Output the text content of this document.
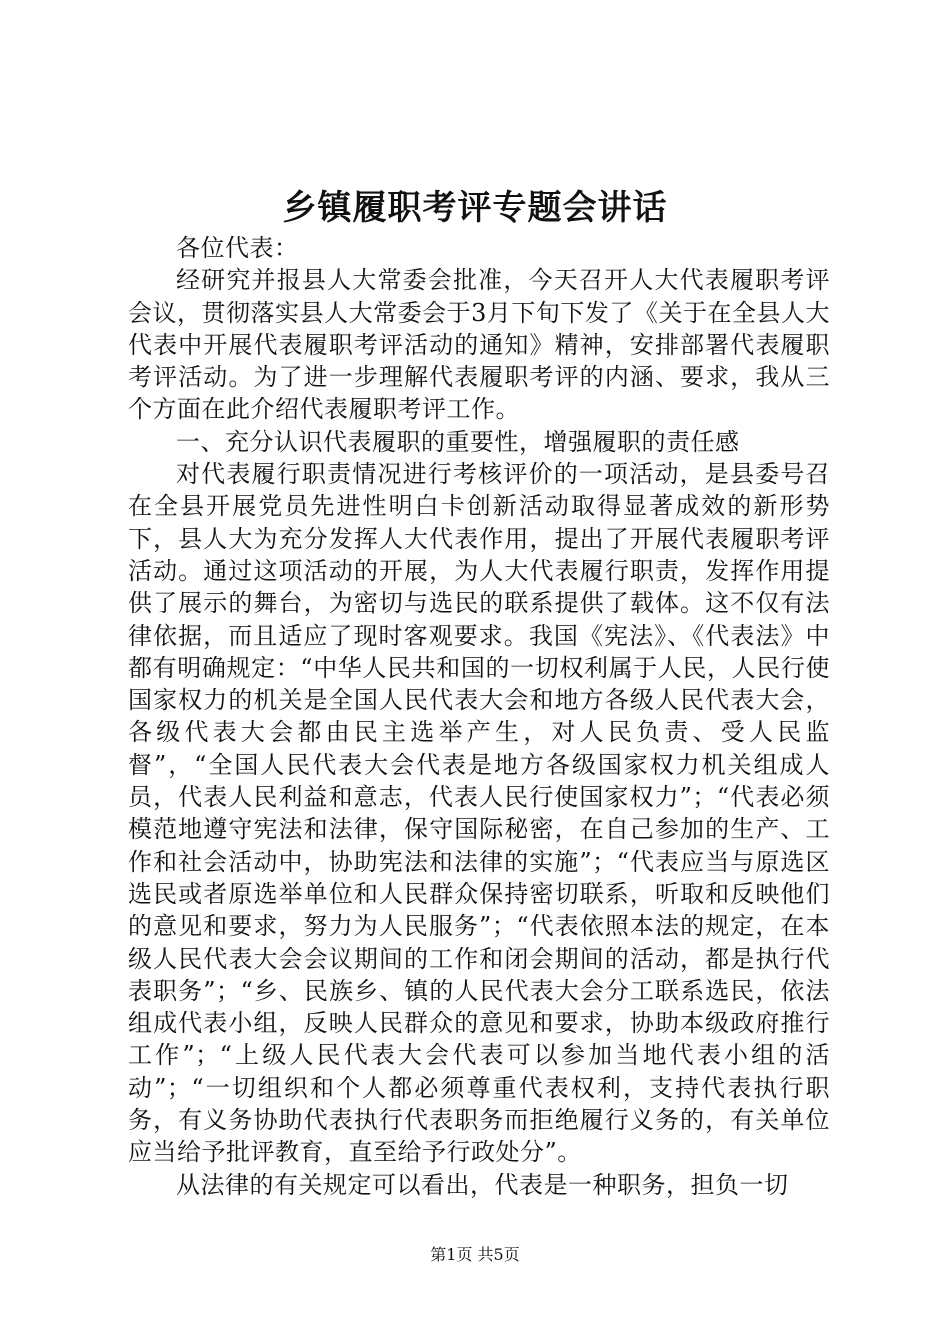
乡镇履职考评专题会讲话

各位代表：

经研究并报县人大常委会批准，今天召开人大代表履职考评会议，贯彻落实县人大常委会于3月下旬下发了《关于在全县人大代表中开展代表履职考评活动的通知》精神，安排部署代表履职考评活动。为了进一步理解代表履职考评的内涵、要求，我从三个方面在此介绍代表履职考评工作。

一、充分认识代表履职的重要性，增强履职的责任感

对代表履行职责情况进行考核评价的一项活动，是县委号召在全县开展党员先进性明白卡创新活动取得显著成效的新形势下，县人大为充分发挥人大代表作用，提出了开展代表履职考评活动。通过这项活动的开展，为人大代表履行职责，发挥作用提供了展示的舞台，为密切与选民的联系提供了载体。这不仅有法律依据，而且适应了现时客观要求。我国《宪法》、《代表法》中都有明确规定：“中华人民共和国的一切权利属于人民，人民行使国家权力的机关是全国人民代表大会和地方各级人民代表大会，各级代表大会都由民主选举产生，对人民负责、受人民监督”，“全国人民代表大会代表是地方各级国家权力机关组成人员，代表人民利益和意志，代表人民行使国家权力”；“代表必须模范地遵守宪法和法律，保守国际秘密，在自己参加的生产、工作和社会活动中，协助宪法和法律的实施”；“代表应当与原选区选民或者原选举单位和人民群众保持密切联系，听取和反映他们的意见和要求，努力为人民服务”；“代表依照本法的规定，在本级人民代表大会会议期间的工作和闭会期间的活动，都是执行代表职务”；“乡、民族乡、镇的人民代表大会分工联系选民，依法组成代表小组，反映人民群众的意见和要求，协助本级政府推行工作”；“上级人民代表大会代表可以参加当地代表小组的活动”；“一切组织和个人都必须尊重代表权利，支持代表执行职务，有义务协助代表执行代表职务而拒绝履行义务的，有关单位应当给予批评教育，直至给予行政处分”。

从法律的有关规定可以看出，代表是一种职务，担负一切

第1页 共5页
